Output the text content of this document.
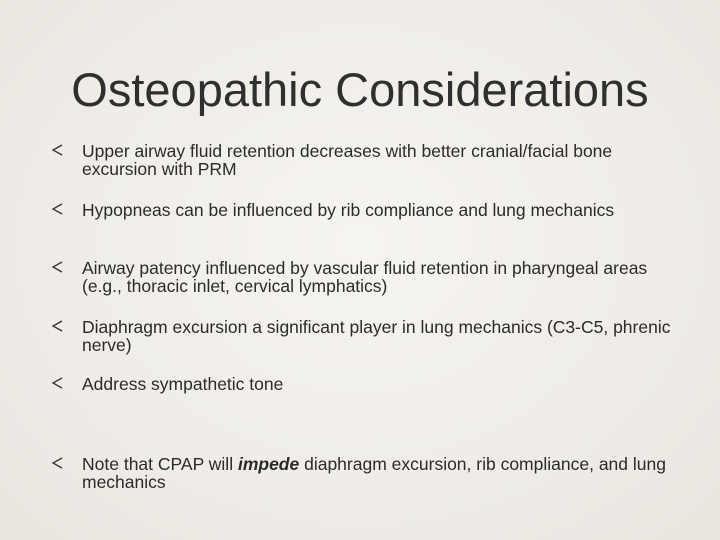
Osteopathic Considerations
Upper airway fluid retention decreases with better cranial/facial bone excursion with PRM
Hypopneas can be influenced by rib compliance and lung mechanics
Airway patency influenced by vascular fluid retention in pharyngeal areas (e.g., thoracic inlet, cervical lymphatics)
Diaphragm excursion a significant player in lung mechanics (C3-C5, phrenic nerve)
Address sympathetic tone
Note that CPAP will impede diaphragm excursion, rib compliance, and lung mechanics
